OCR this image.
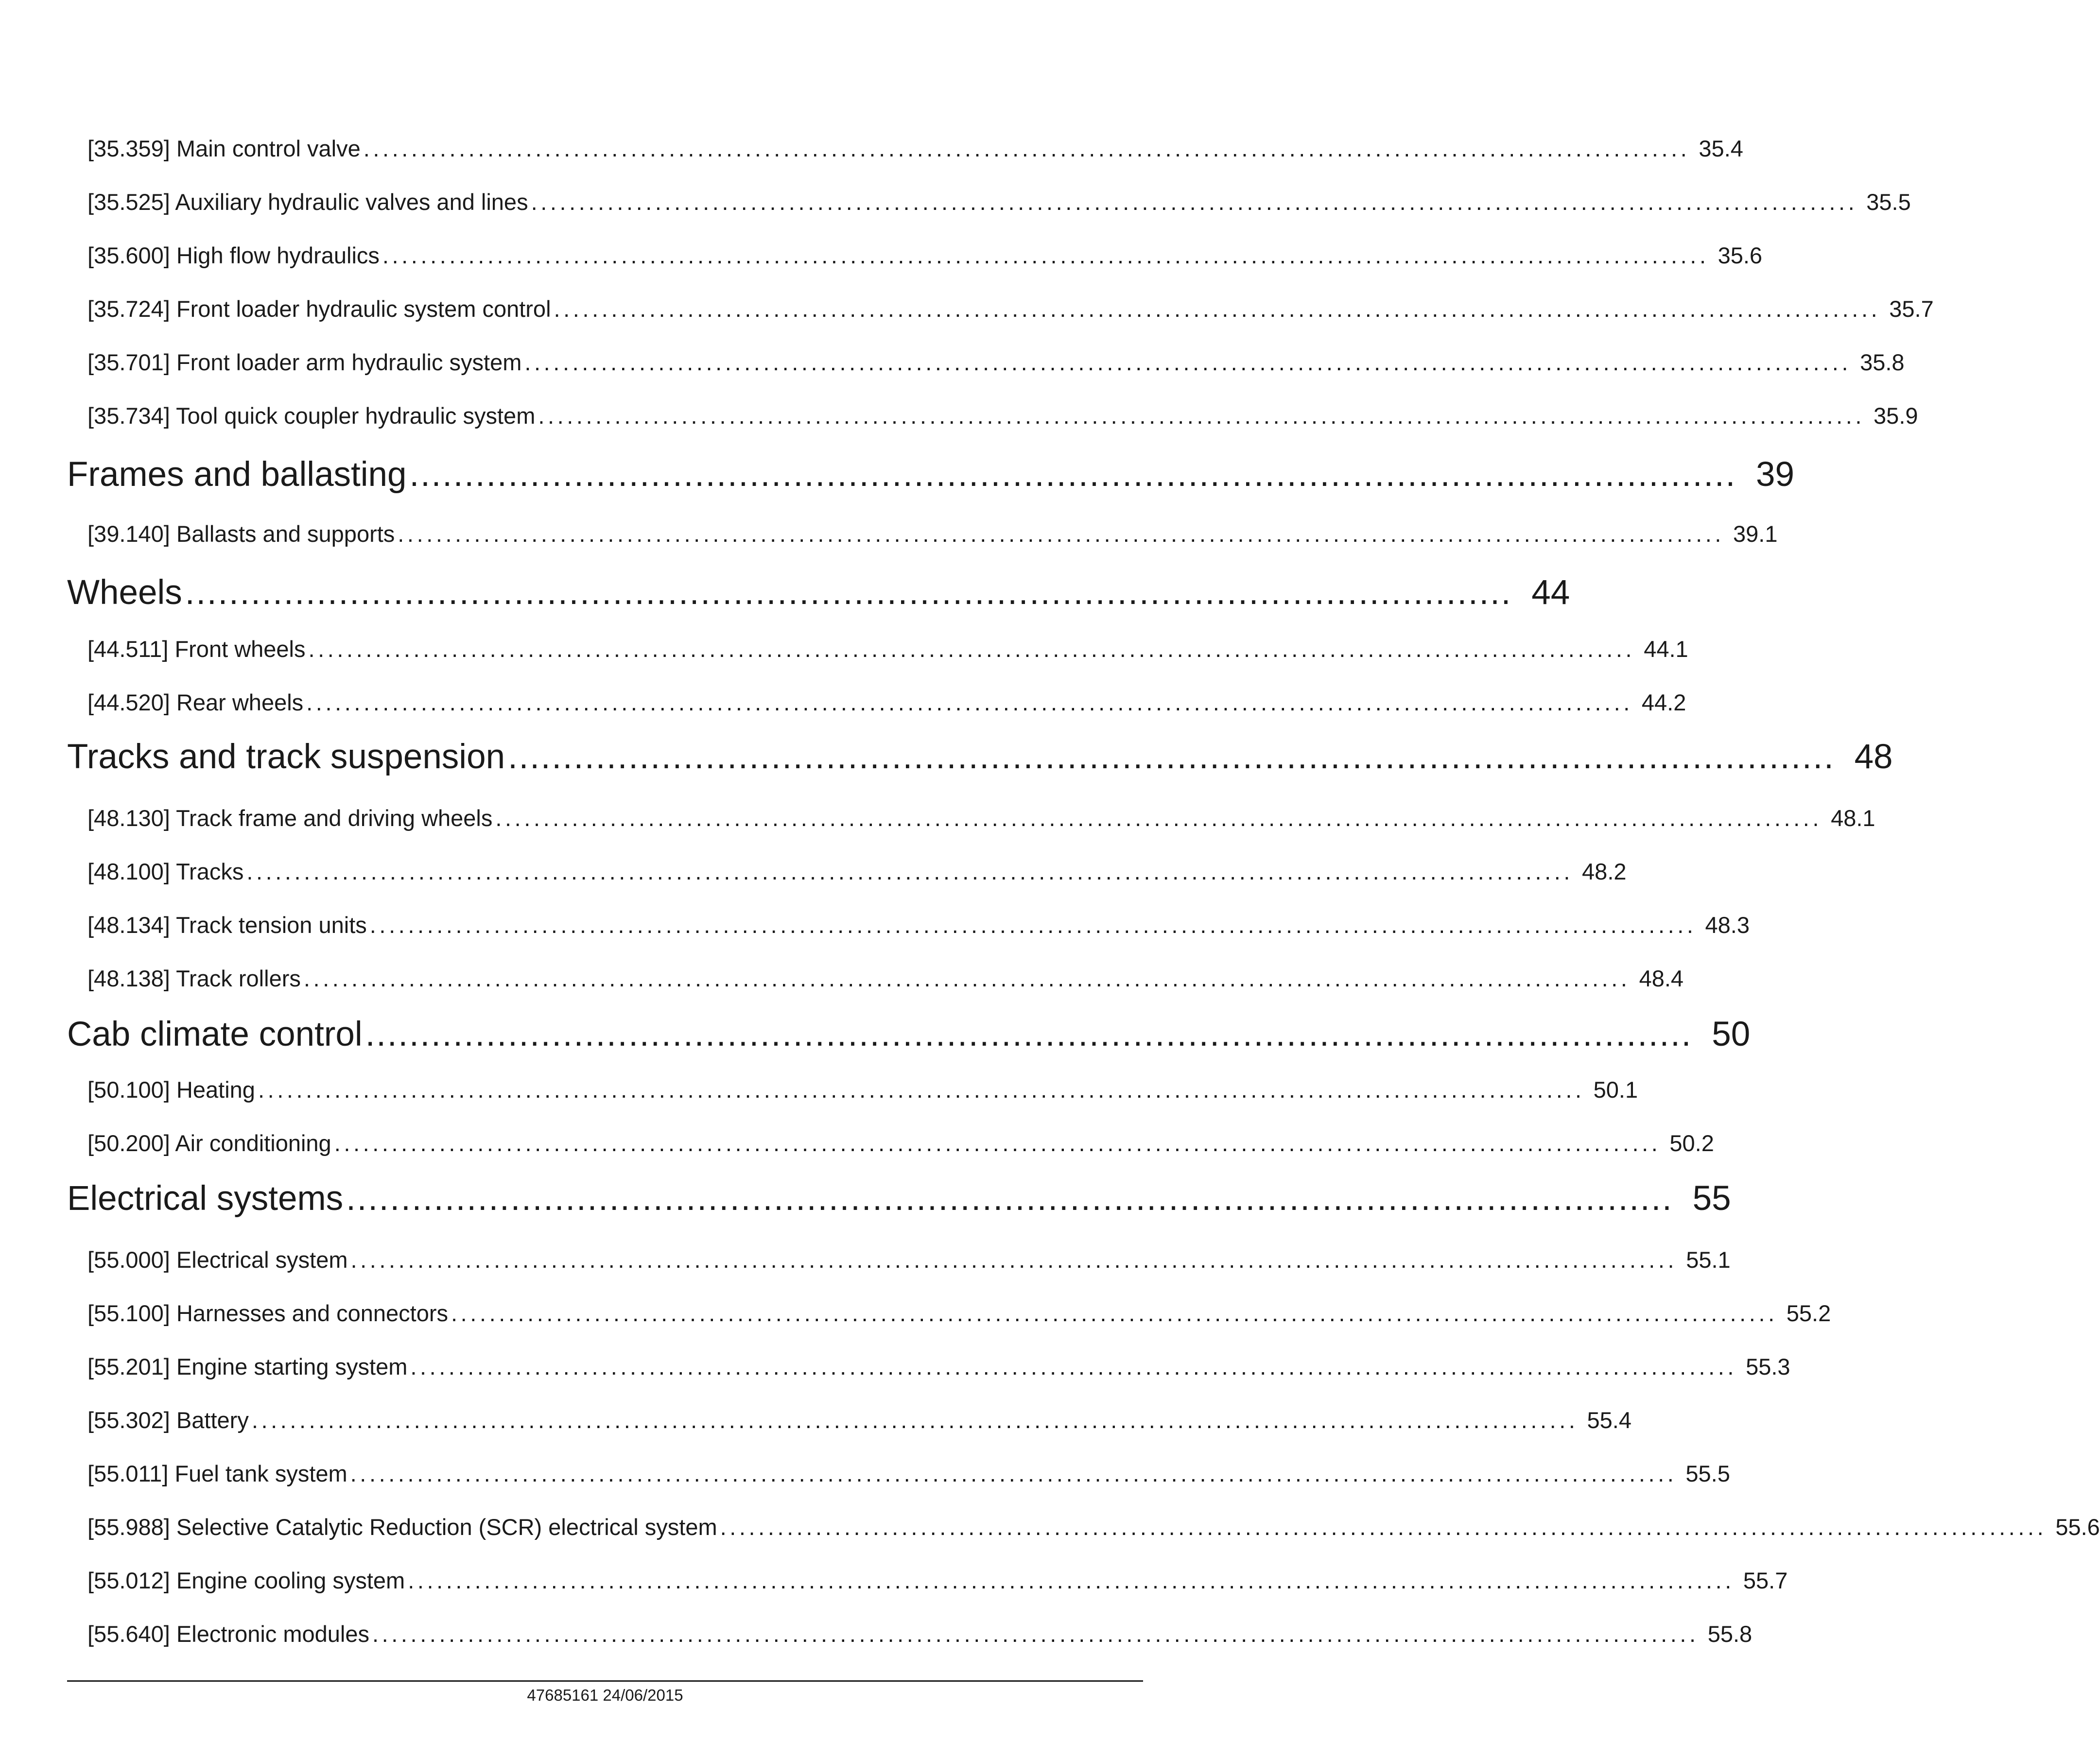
[35.359] Main control valve ........................................................................................................................................... 35.4
[35.525] Auxiliary hydraulic valves and lines ........................................................................................................................................... 35.5
[35.600] High flow hydraulics ........................................................................................................................................... 35.6
[35.724] Front loader hydraulic system control ........................................................................................................................................... 35.7
[35.701] Front loader arm hydraulic system ........................................................................................................................................... 35.8
[35.734] Tool quick coupler hydraulic system ........................................................................................................................................... 35.9
Frames and ballasting ......................................................................................................................... 39
[39.140] Ballasts and supports ........................................................................................................................................... 39.1
Wheels ......................................................................................................................... 44
[44.511] Front wheels ........................................................................................................................................... 44.1
[44.520] Rear wheels ........................................................................................................................................... 44.2
Tracks and track suspension ......................................................................................................................... 48
[48.130] Track frame and driving wheels ........................................................................................................................................... 48.1
[48.100] Tracks ........................................................................................................................................... 48.2
[48.134] Track tension units ........................................................................................................................................... 48.3
[48.138] Track rollers ........................................................................................................................................... 48.4
Cab climate control ......................................................................................................................... 50
[50.100] Heating ........................................................................................................................................... 50.1
[50.200] Air conditioning ........................................................................................................................................... 50.2
Electrical systems ......................................................................................................................... 55
[55.000] Electrical system ........................................................................................................................................... 55.1
[55.100] Harnesses and connectors ........................................................................................................................................... 55.2
[55.201] Engine starting system ........................................................................................................................................... 55.3
[55.302] Battery ........................................................................................................................................... 55.4
[55.011] Fuel tank system ........................................................................................................................................... 55.5
[55.988] Selective Catalytic Reduction (SCR) electrical system ........................................................................................................................................... 55.6
[55.012] Engine cooling system ........................................................................................................................................... 55.7
[55.640] Electronic modules ........................................................................................................................................... 55.8
47685161 24/06/2015
